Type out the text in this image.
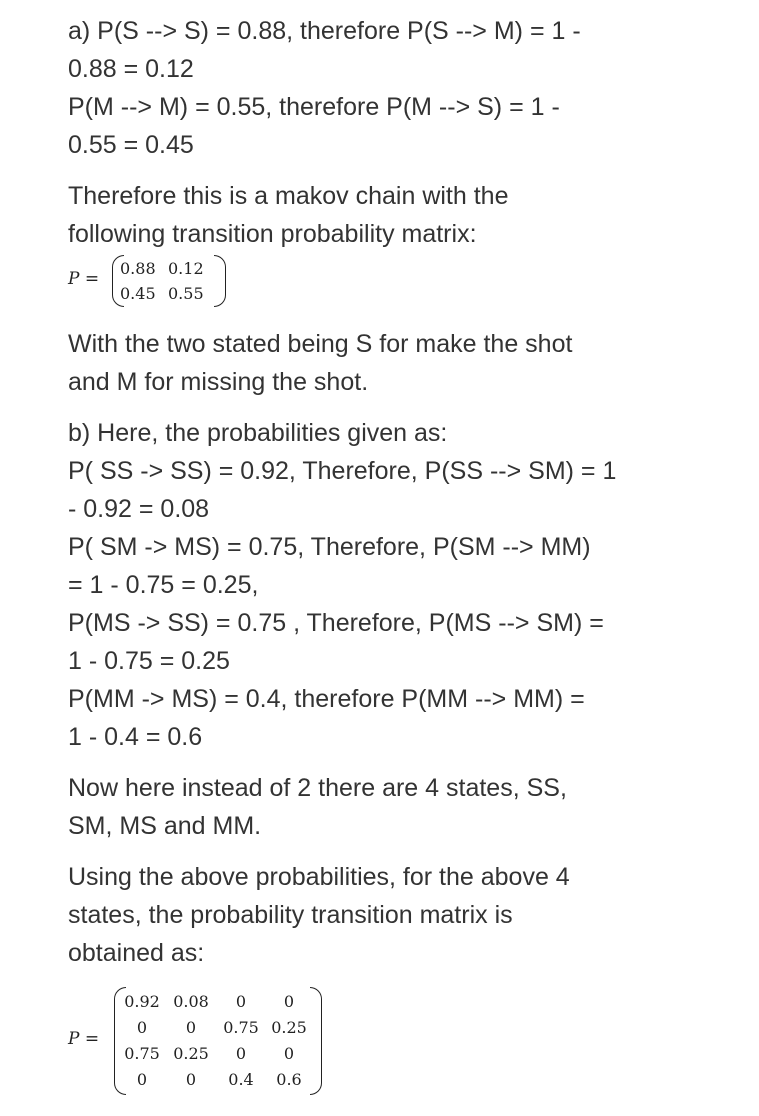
a) P(S --> S) = 0.88, therefore P(S --> M) = 1 -
0.88 = 0.12
P(M --> M) = 0.55, therefore P(M --> S) = 1 -
0.55 = 0.45
Therefore this is a makov chain with the
following transition probability matrix:
P =
0.88 0.12
0.45 0.55
With the two stated being S for make the shot
and M for missing the shot.
b) Here, the probabilities given as:
P( SS -> SS) = 0.92, Therefore, P(SS --> SM) = 1
- 0.92 = 0.08
P( SM -> MS) = 0.75, Therefore, P(SM --> MM)
= 1 - 0.75 = 0.25,
P(MS -> SS) = 0.75 , Therefore, P(MS --> SM) =
1 - 0.75 = 0.25
P(MM -> MS) = 0.4, therefore P(MM --> MM) =
1 - 0.4 = 0.6
Now here instead of 2 there are 4 states, SS,
SM, MS and MM.
Using the above probabilities, for the above 4
states, the probability transition matrix is
obtained as:
P =
0.92 0.08	0	0
0	0	0.75 0.25
0.75 0.25	0	0
0	0	0.4	0.6
